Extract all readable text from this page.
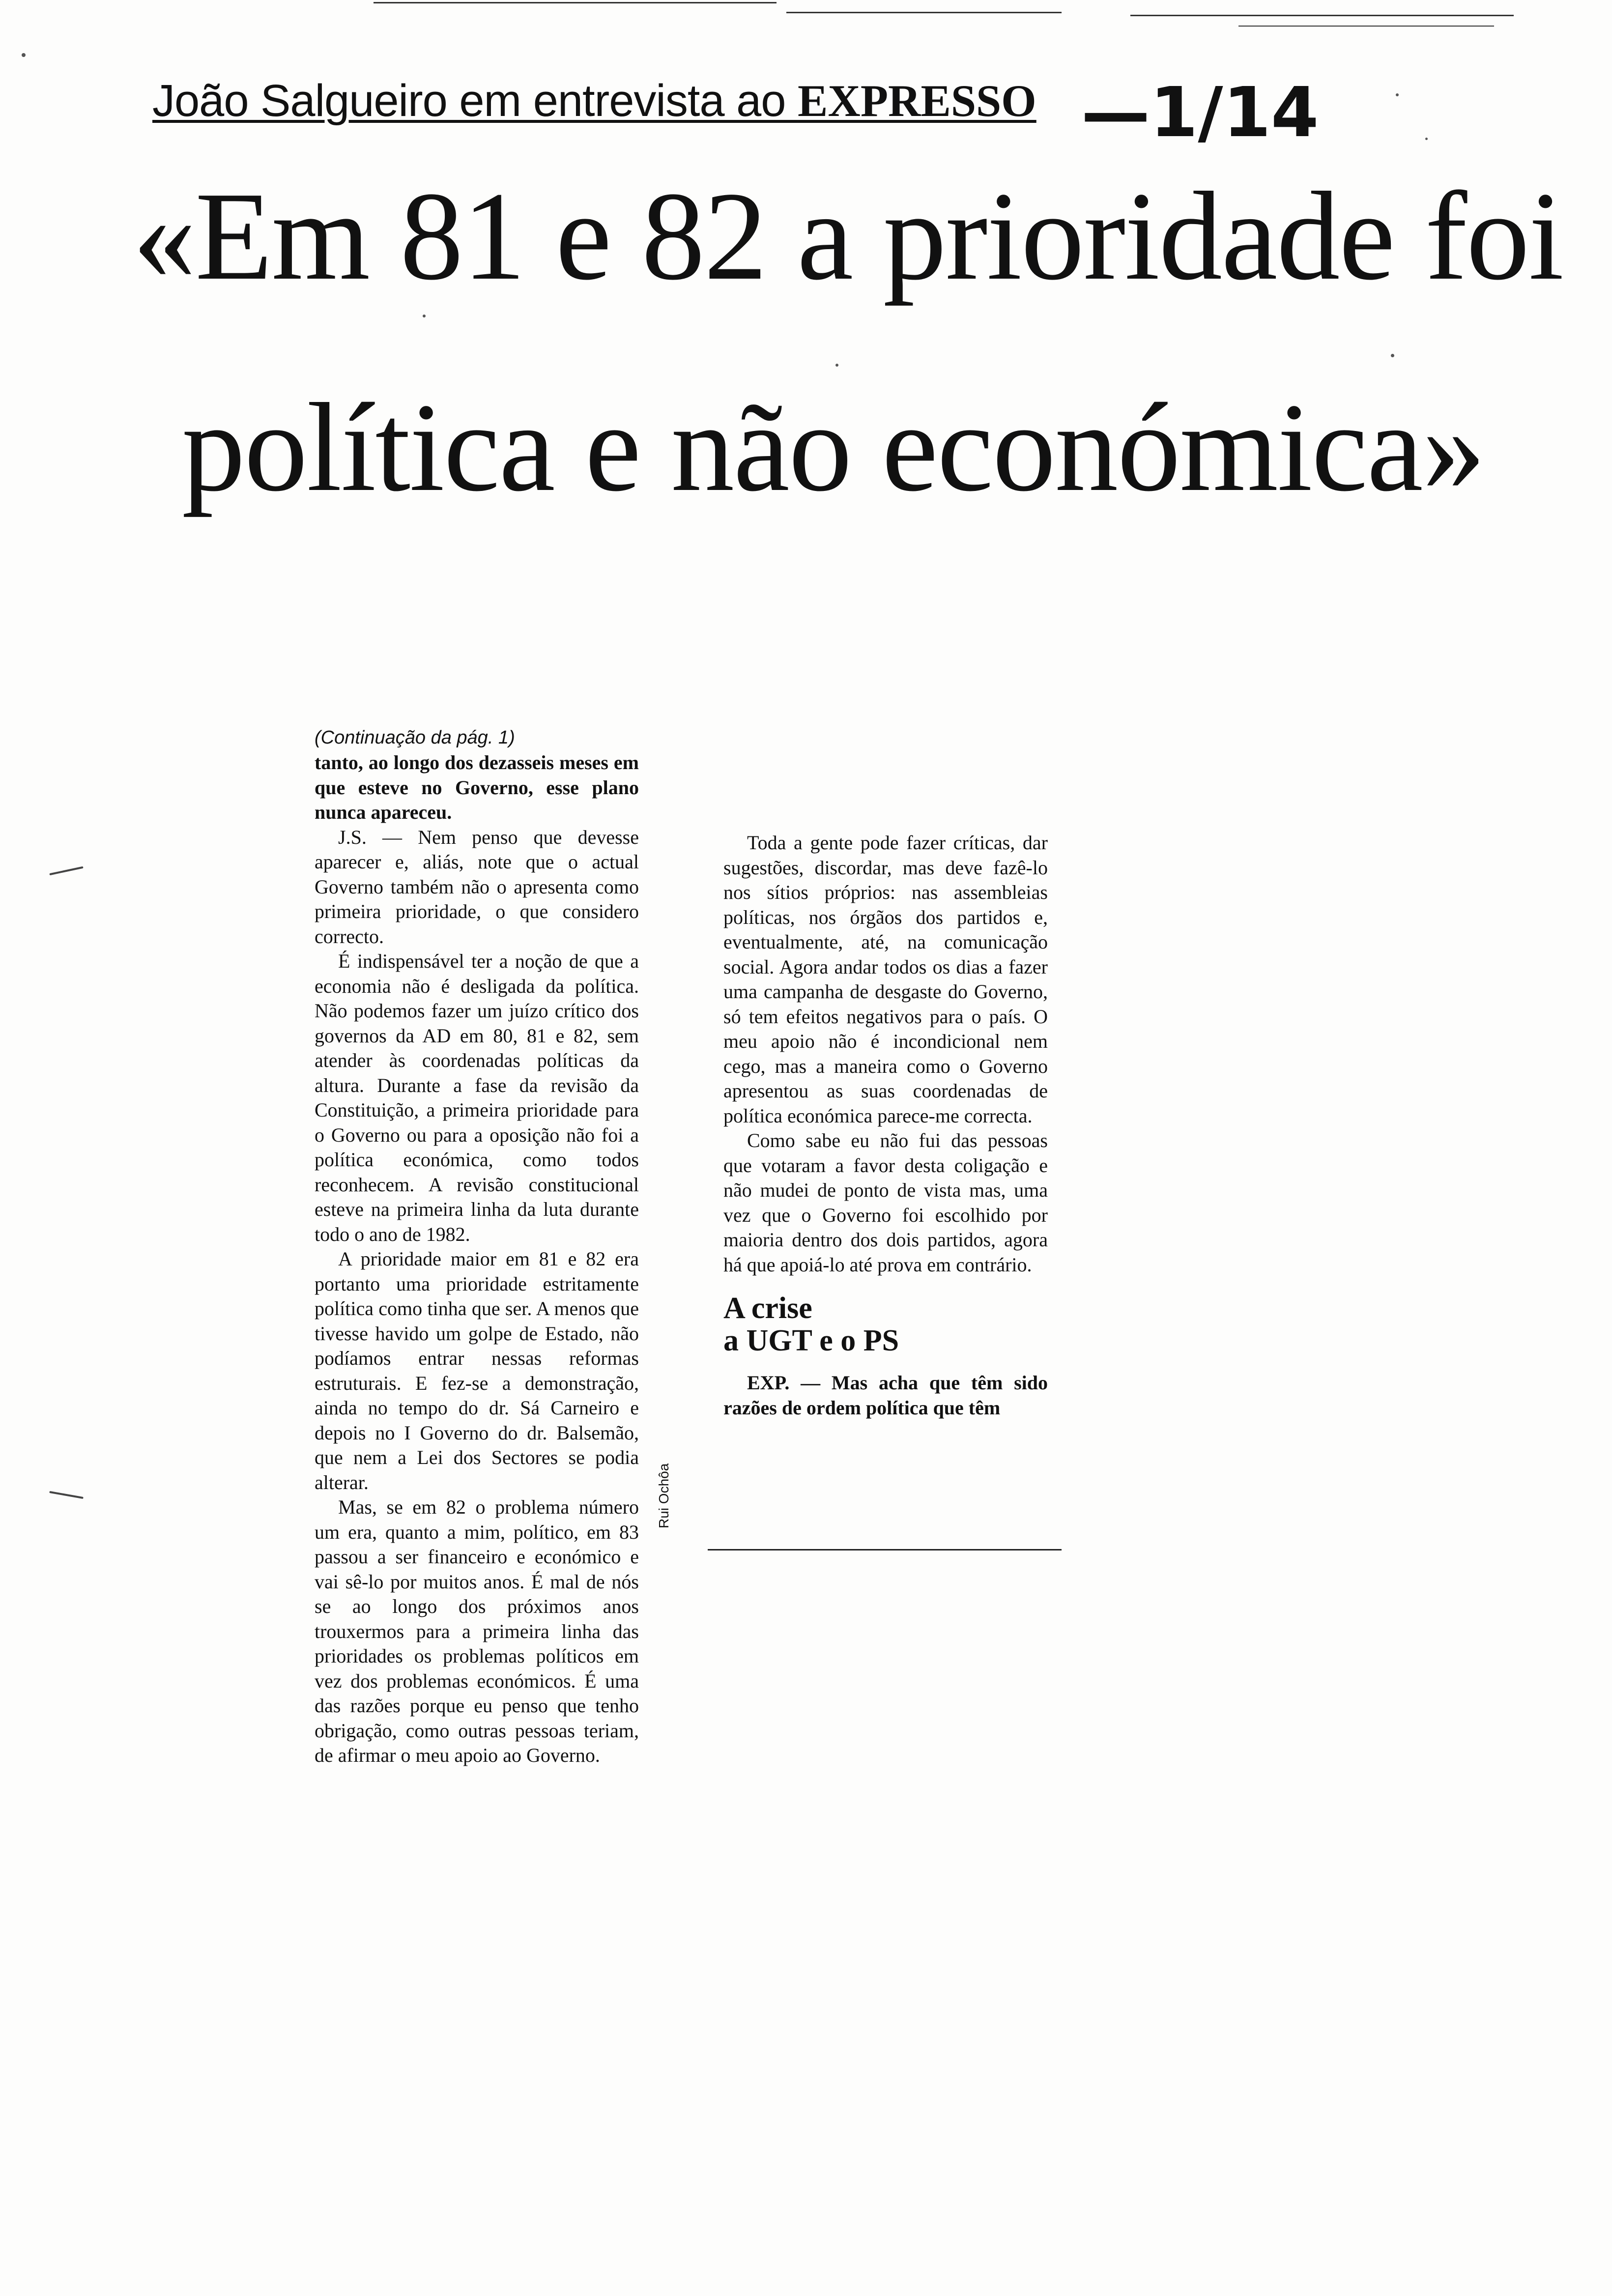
João Salgueiro em entrevista ao EXPRESSO —1/14
«Em 81 e 82 a prioridade foi
política e não económica»

(Continuação da pág. 1)

tanto, ao longo dos dezasseis meses em que esteve no Governo, esse plano nunca apareceu.

J.S. — Nem penso que devesse aparecer e, aliás, note que o actual Governo também não o apresenta como primeira prioridade, o que considero correcto.

É indispensável ter a noção de que a economia não é desligada da política. Não podemos fazer um juízo crítico dos governos da AD em 80, 81 e 82, sem atender às coordenadas políticas da altura. Durante a fase da revisão da Constituição, a primeira prioridade para o Governo ou para a oposição não foi a política económica, como todos reconhecem. A revisão constitucional esteve na primeira linha da luta durante todo o ano de 1982.

A prioridade maior em 81 e 82 era portanto uma prioridade estritamente política como tinha que ser. A menos que tivesse havido um golpe de Estado, não podíamos entrar nessas reformas estruturais. E fez-se a demonstração, ainda no tempo do dr. Sá Carneiro e depois no I Governo do dr. Balsemão, que nem a Lei dos Sectores se podia alterar.

Mas, se em 82 o problema número um era, quanto a mim, político, em 83 passou a ser financeiro e económico e vai sê-lo por muitos anos. É mal de nós se ao longo dos próximos anos trouxermos para a primeira linha das prioridades os problemas políticos em vez dos problemas económicos. É uma das razões porque eu penso que tenho obrigação, como outras pessoas teriam, de afirmar o meu apoio ao Governo.

Rui Ochôa

Toda a gente pode fazer críticas, dar sugestões, discordar, mas deve fazê-lo nos sítios próprios: nas assembleias políticas, nos órgãos dos partidos e, eventualmente, até, na comunicação social. Agora andar todos os dias a fazer uma campanha de desgaste do Governo, só tem efeitos negativos para o país. O meu apoio não é incondicional nem cego, mas a maneira como o Governo apresentou as suas coordenadas de política económica parece-me correcta.

Como sabe eu não fui das pessoas que votaram a favor desta coligação e não mudei de ponto de vista mas, uma vez que o Governo foi escolhido por maioria dentro dos dois partidos, agora há que apoiá-lo até prova em contrário.

A crise
a UGT e o PS

EXP. — Mas acha que têm sido razões de ordem política que têm
